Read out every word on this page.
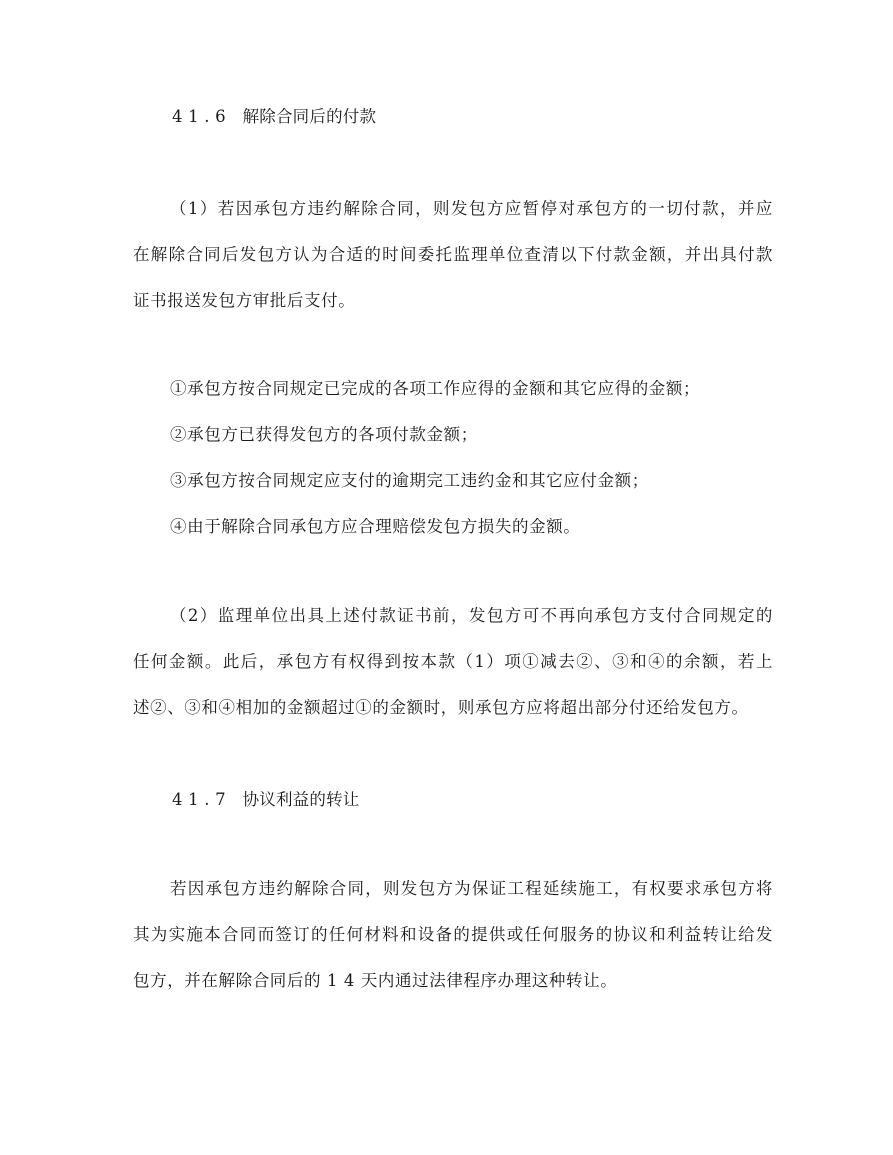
4 1 . 6　解除合同后的付款
（1）若因承包方违约解除合同，则发包方应暂停对承包方的一切付款，并应
在解除合同后发包方认为合适的时间委托监理单位查清以下付款金额，并出具付款
证书报送发包方审批后支付。
①承包方按合同规定已完成的各项工作应得的金额和其它应得的金额；
②承包方已获得发包方的各项付款金额；
③承包方按合同规定应支付的逾期完工违约金和其它应付金额；
④由于解除合同承包方应合理赔偿发包方损失的金额。
（2）监理单位出具上述付款证书前，发包方可不再向承包方支付合同规定的
任何金额。此后，承包方有权得到按本款（1）项①减去②、③和④的余额，若上
述②、③和④相加的金额超过①的金额时，则承包方应将超出部分付还给发包方。
4 1 . 7　协议利益的转让
若因承包方违约解除合同，则发包方为保证工程延续施工，有权要求承包方将
其为实施本合同而签订的任何材料和设备的提供或任何服务的协议和利益转让给发
包方，并在解除合同后的 1 4 天内通过法律程序办理这种转让。
